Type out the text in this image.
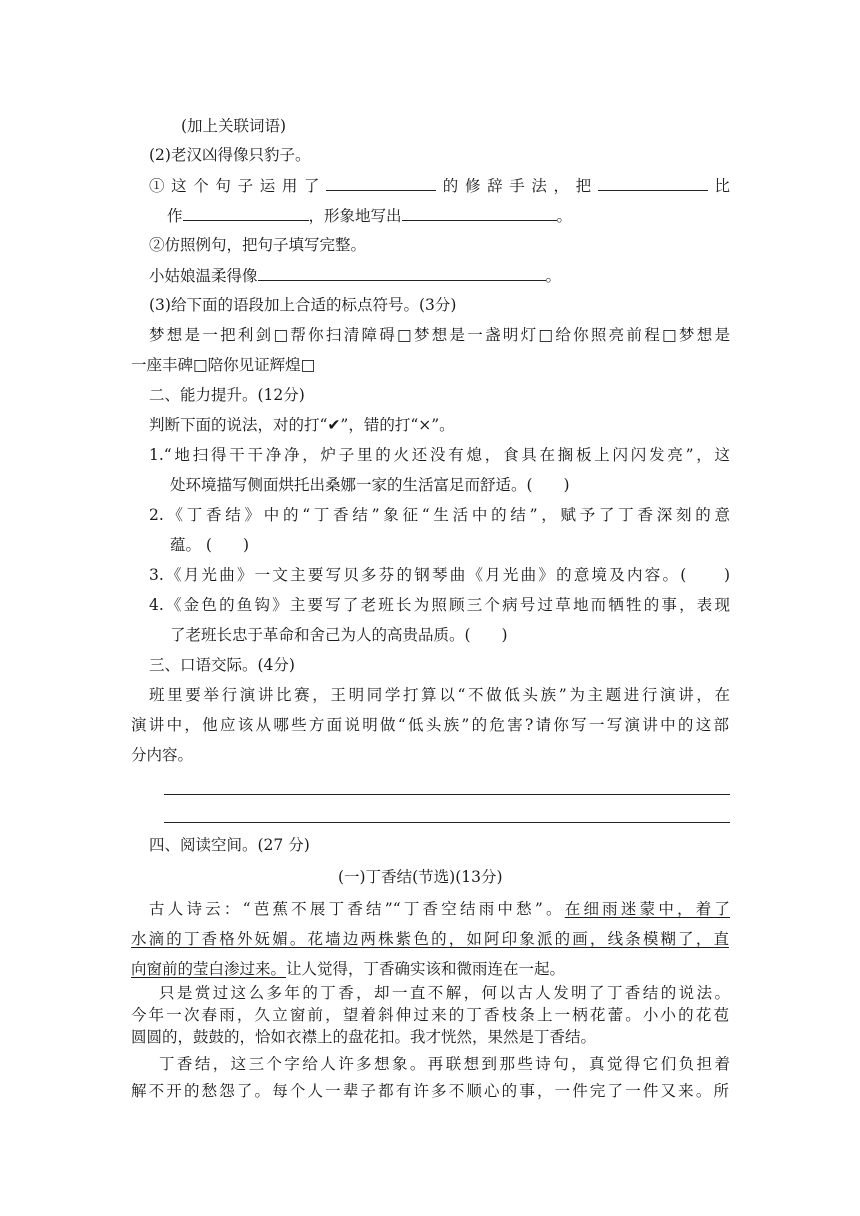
(加上关联词语)
(2)老汉凶得像只豹子。
①这个句子运用了	的修辞手法，把	比
作	，形象地写出	。
②仿照例句，把句子填写完整。
小姑娘温柔得像	。
(3)给下面的语段加上合适的标点符号。(3分)
梦想是一把利剑□帮你扫清障碍□梦想是一盏明灯□给你照亮前程□梦想是
一座丰碑□陪你见证辉煌□
二、能力提升。(12分)
判断下面的说法，对的打“✔”，错的打“×”。
1.“地扫得干干净净，炉子里的火还没有熄，食具在搁板上闪闪发亮”，这
处环境描写侧面烘托出桑娜一家的生活富足而舒适。(　　)
2.《丁香结》中的“丁香结”象征“生活中的结”，赋予了丁香深刻的意
蕴。 (　　)
3.《月光曲》一文主要写贝多芬的钢琴曲《月光曲》的意境及内容。(　　)
4.《金色的鱼钩》主要写了老班长为照顾三个病号过草地而牺牲的事，表现
了老班长忠于革命和舍己为人的高贵品质。(　　)
三、口语交际。(4分)
班里要举行演讲比赛，王明同学打算以“不做低头族”为主题进行演讲，在
演讲中，他应该从哪些方面说明做“低头族”的危害?请你写一写演讲中的这部
分内容。
四、阅读空间。(27 分)
(一)丁香结(节选)(13分)
古人诗云：“芭蕉不展丁香结”“丁香空结雨中愁”。在细雨迷蒙中，着了
水滴的丁香格外妩媚。花墙边两株紫色的，如阿印象派的画，线条模糊了，直
向窗前的莹白渗过来。让人觉得，丁香确实该和微雨连在一起。
只是赏过这么多年的丁香，却一直不解，何以古人发明了丁香结的说法。
今年一次春雨，久立窗前，望着斜伸过来的丁香枝条上一柄花蕾。小小的花苞
圆圆的，鼓鼓的，恰如衣襟上的盘花扣。我才恍然，果然是丁香结。
丁香结，这三个字给人许多想象。再联想到那些诗句，真觉得它们负担着
解不开的愁怨了。每个人一辈子都有许多不顺心的事，一件完了一件又来。所
